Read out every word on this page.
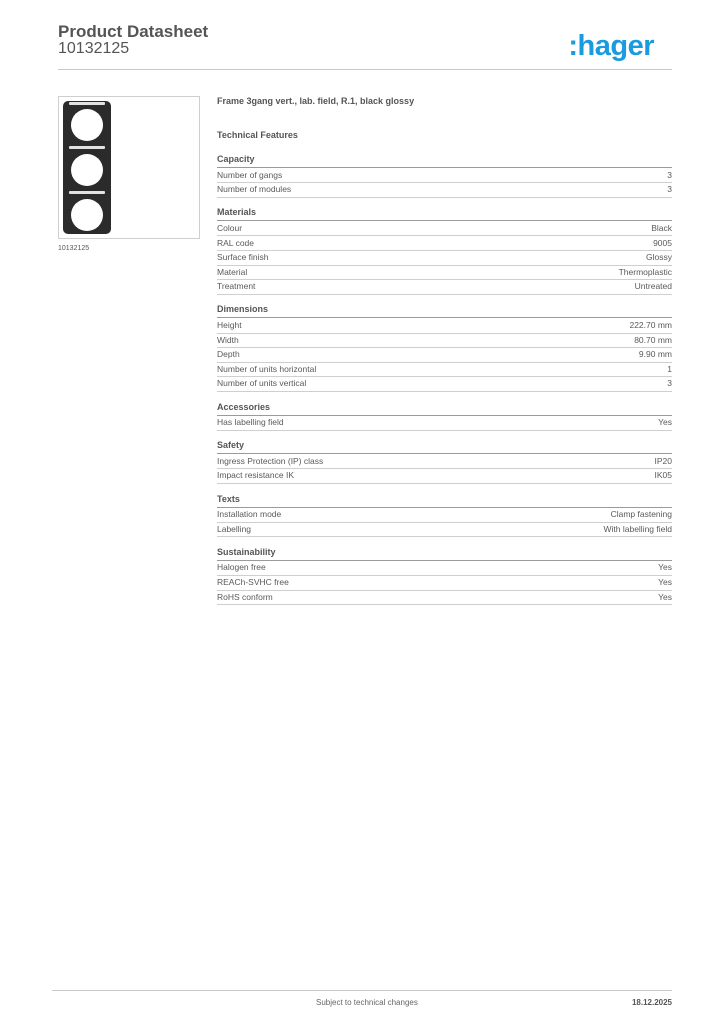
Product Datasheet
10132125	:hager
10132125
Frame 3gang vert., lab. field, R.1, black glossy
Technical Features
Capacity
Number of gangs	3
Number of modules	3
Materials
Colour	Black
RAL code	9005
Surface finish	Glossy
Material	Thermoplastic
Treatment	Untreated
Dimensions
Height	222.70 mm
Width	80.70 mm
Depth	9.90 mm
Number of units horizontal	1
Number of units vertical	3
Accessories
Has labelling field	Yes
Safety
Ingress Protection (IP) class	IP20
Impact resistance IK	IK05
Texts
Installation mode	Clamp fastening
Labelling	With labelling field
Sustainability
Halogen free	Yes
REACh-SVHC free	Yes
RoHS conform	Yes
Subject to technical changes	18.12.2025
